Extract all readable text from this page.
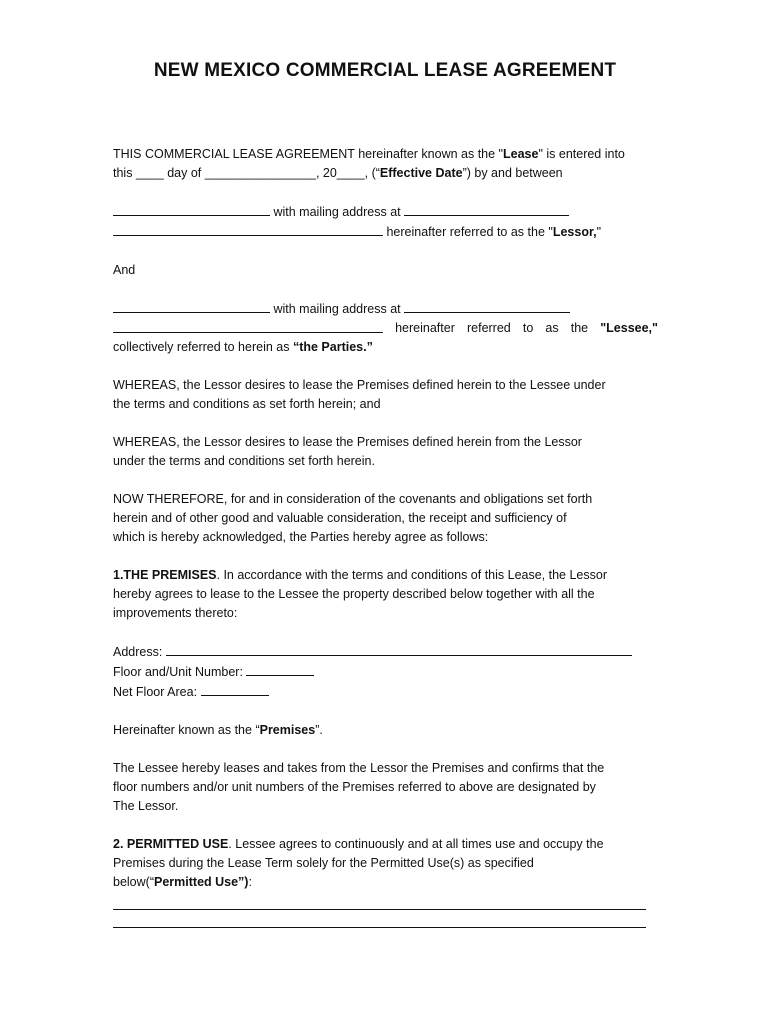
NEW MEXICO COMMERCIAL LEASE AGREEMENT
THIS COMMERCIAL LEASE AGREEMENT hereinafter known as the "Lease" is entered into
this ____ day of ________________, 20____, (“Effective Date”) by and between
with mailing address at
hereinafter referred to as the "Lessor,"
And
with mailing address at
hereinafter referred to as the "Lessee,"
collectively referred to herein as “the Parties.”
WHEREAS, the Lessor desires to lease the Premises defined herein to the Lessee under
the terms and conditions as set forth herein; and
WHEREAS, the Lessor desires to lease the Premises defined herein from the Lessor
under the terms and conditions set forth herein.
NOW THEREFORE, for and in consideration of the covenants and obligations set forth
herein and of other good and valuable consideration, the receipt and sufficiency of
which is hereby acknowledged, the Parties hereby agree as follows:
1.THE PREMISES. In accordance with the terms and conditions of this Lease, the Lessor
hereby agrees to lease to the Lessee the property described below together with all the
improvements thereto:
Address:
Floor and/Unit Number:
Net Floor Area:
Hereinafter known as the “Premises”.
The Lessee hereby leases and takes from the Lessor the Premises and confirms that the
floor numbers and/or unit numbers of the Premises referred to above are designated by
The Lessor.
2. PERMITTED USE. Lessee agrees to continuously and at all times use and occupy the
Premises during the Lease Term solely for the Permitted Use(s) as specified
below(“Permitted Use”):
